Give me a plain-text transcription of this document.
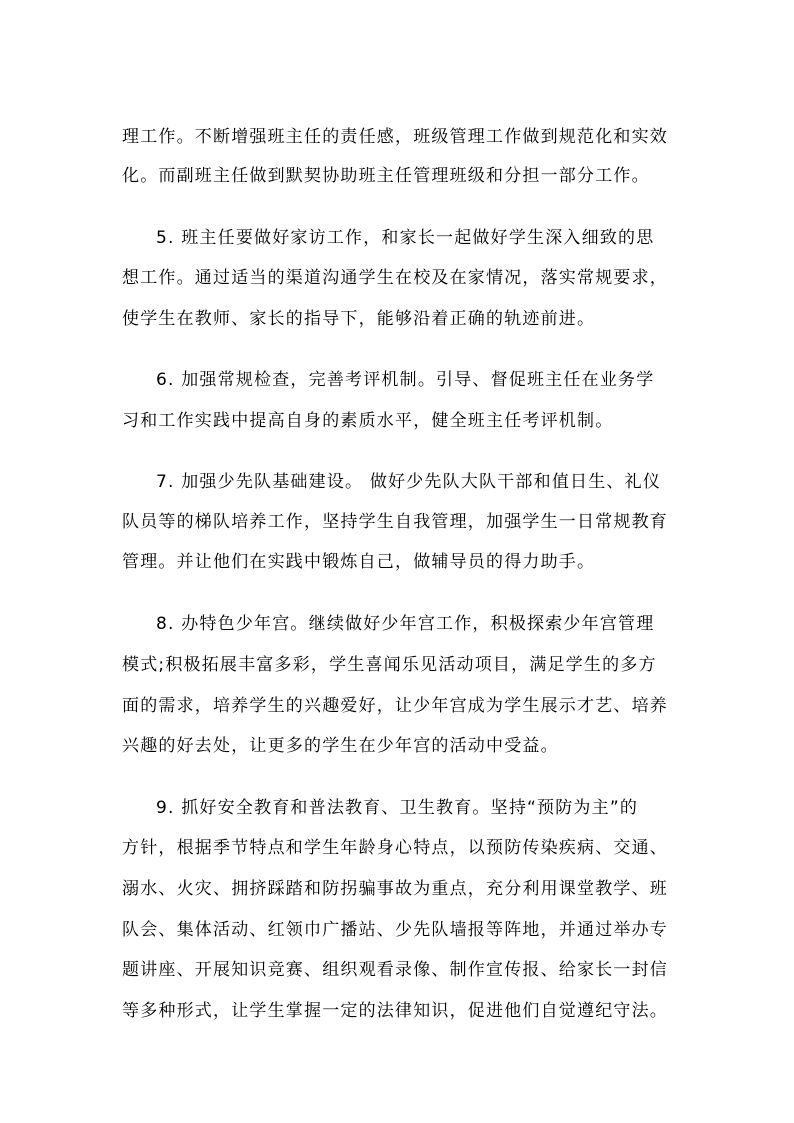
理工作。不断增强班主任的责任感，班级管理工作做到规范化和实效

化。而副班主任做到默契协助班主任管理班级和分担一部分工作。

5. 班主任要做好家访工作，和家长一起做好学生深入细致的思

想工作。通过适当的渠道沟通学生在校及在家情况，落实常规要求，

使学生在教师、家长的指导下，能够沿着正确的轨迹前进。

6. 加强常规检查，完善考评机制。引导、督促班主任在业务学

习和工作实践中提高自身的素质水平，健全班主任考评机制。

7. 加强少先队基础建设。 做好少先队大队干部和值日生、礼仪

队员等的梯队培养工作，坚持学生自我管理，加强学生一日常规教育

管理。并让他们在实践中锻炼自己，做辅导员的得力助手。

8. 办特色少年宫。继续做好少年宫工作，积极探索少年宫管理

模式;积极拓展丰富多彩，学生喜闻乐见活动项目，满足学生的多方

面的需求，培养学生的兴趣爱好，让少年宫成为学生展示才艺、培养

兴趣的好去处，让更多的学生在少年宫的活动中受益。

9. 抓好安全教育和普法教育、卫生教育。坚持“预防为主”的

方针，根据季节特点和学生年龄身心特点，以预防传染疾病、交通、

溺水、火灾、拥挤踩踏和防拐骗事故为重点，充分利用课堂教学、班

队会、集体活动、红领巾广播站、少先队墙报等阵地，并通过举办专

题讲座、开展知识竞赛、组织观看录像、制作宣传报、给家长一封信

等多种形式，让学生掌握一定的法律知识，促进他们自觉遵纪守法。
